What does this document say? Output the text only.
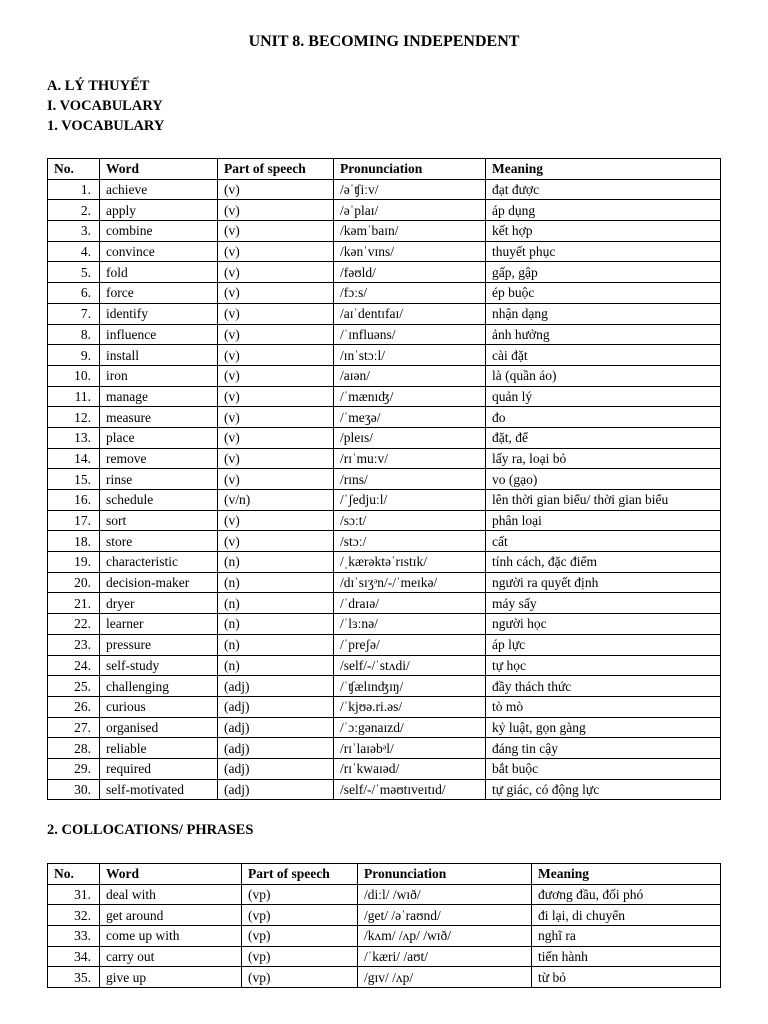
UNIT 8. BECOMING INDEPENDENT
A. LÝ THUYẾT
I. VOCABULARY
1. VOCABULARY
No.	Word	Part of speech	Pronunciation	Meaning
1.	achieve	(v)	/əˈʧiːv/	đạt được
2.	apply	(v)	/əˈplaɪ/	áp dụng
3.	combine	(v)	/kəmˈbaɪn/	kết hợp
4.	convince	(v)	/kənˈvɪns/	thuyết phục
5.	fold	(v)	/fəʊld/	gấp, gập
6.	force	(v)	/fɔːs/	ép buộc
7.	identify	(v)	/aɪˈdentɪfaɪ/	nhận dạng
8.	influence	(v)	/ˈɪnfluəns/	ảnh hưởng
9.	install	(v)	/ɪnˈstɔːl/	cài đặt
10.	iron	(v)	/aɪən/	là (quần áo)
11.	manage	(v)	/ˈmænɪʤ/	quản lý
12.	measure	(v)	/ˈmeʒə/	đo
13.	place	(v)	/pleɪs/	đặt, để
14.	remove	(v)	/rɪˈmuːv/	lấy ra, loại bỏ
15.	rinse	(v)	/rɪns/	vo (gạo)
16.	schedule	(v/n)	/ˈʃedjuːl/	lên thời gian biểu/ thời gian biểu
17.	sort	(v)	/sɔːt/	phân loại
18.	store	(v)	/stɔː/	cất
19.	characteristic	(n)	/ˌkærəktəˈrɪstɪk/	tính cách, đặc điểm
20.	decision-maker	(n)	/dɪˈsɪʒᵊn/-/ˈmeɪkə/	người ra quyết định
21.	dryer	(n)	/ˈdraɪə/	máy sấy
22.	learner	(n)	/ˈlɜːnə/	người học
23.	pressure	(n)	/ˈpreʃə/	áp lực
24.	self-study	(n)	/self/-/ˈstʌdi/	tự học
25.	challenging	(adj)	/ˈʧælɪnʤɪŋ/	đầy thách thức
26.	curious	(adj)	/ˈkjʊə.ri.əs/	tò mò
27.	organised	(adj)	/ˈɔːgənaɪzd/	kỷ luật, gọn gàng
28.	reliable	(adj)	/rɪˈlaɪəbᵊl/	đáng tin cậy
29.	required	(adj)	/rɪˈkwaɪəd/	bắt buộc
30.	self-motivated	(adj)	/self/-/ˈməʊtɪveɪtɪd/	tự giác, có động lực
2. COLLOCATIONS/ PHRASES
No.	Word	Part of speech	Pronunciation	Meaning
31.	deal with	(vp)	/diːl/ /wɪð/	đương đầu, đối phó
32.	get around	(vp)	/get/ /əˈraʊnd/	đi lại, di chuyển
33.	come up with	(vp)	/kʌm/ /ʌp/ /wɪð/	nghĩ ra
34.	carry out	(vp)	/ˈkæri/ /aʊt/	tiến hành
35.	give up	(vp)	/gɪv/ /ʌp/	từ bỏ
